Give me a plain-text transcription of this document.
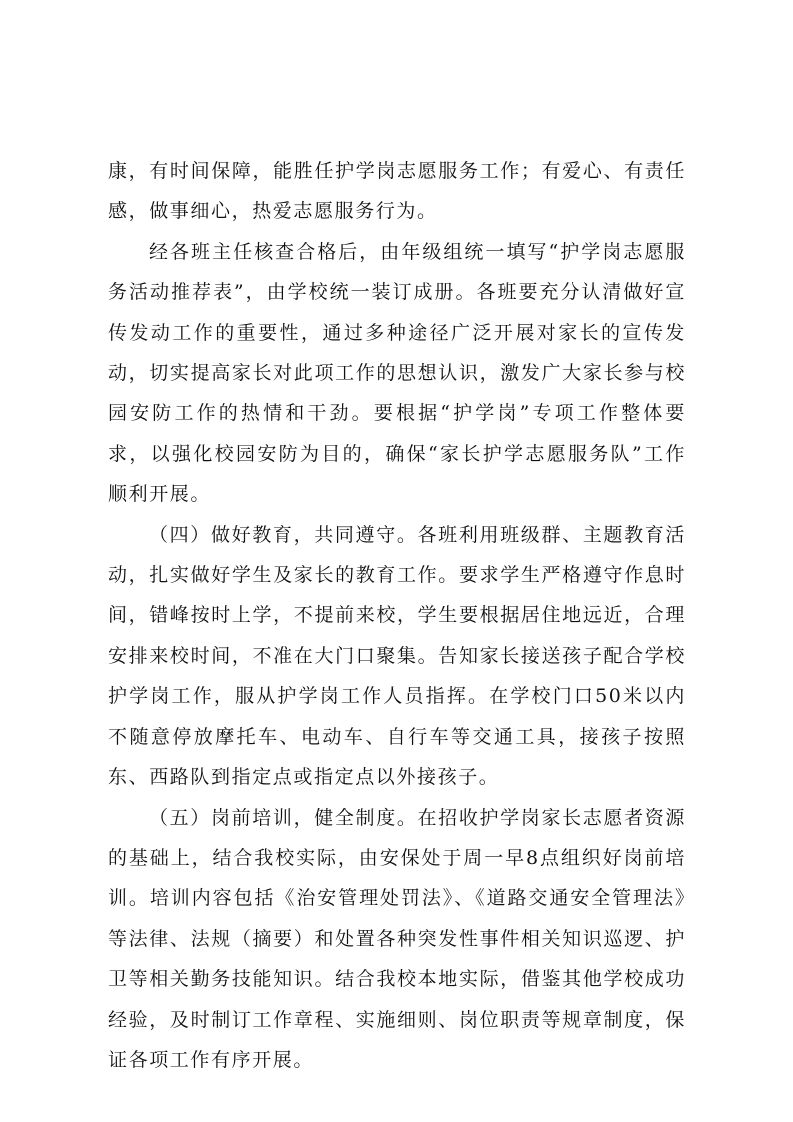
康，有时间保障，能胜任护学岗志愿服务工作；有爱心、有责任感，做事细心，热爱志愿服务行为。

经各班主任核查合格后，由年级组统一填写“护学岗志愿服务活动推荐表”，由学校统一装订成册。各班要充分认清做好宣传发动工作的重要性，通过多种途径广泛开展对家长的宣传发动，切实提高家长对此项工作的思想认识，激发广大家长参与校园安防工作的热情和干劲。要根据“护学岗”专项工作整体要求，以强化校园安防为目的，确保“家长护学志愿服务队”工作顺利开展。

（四）做好教育，共同遵守。各班利用班级群、主题教育活动，扎实做好学生及家长的教育工作。要求学生严格遵守作息时间，错峰按时上学，不提前来校，学生要根据居住地远近，合理安排来校时间，不准在大门口聚集。告知家长接送孩子配合学校护学岗工作，服从护学岗工作人员指挥。在学校门口50米以内不随意停放摩托车、电动车、自行车等交通工具，接孩子按照东、西路队到指定点或指定点以外接孩子。

（五）岗前培训，健全制度。在招收护学岗家长志愿者资源的基础上，结合我校实际，由安保处于周一早8点组织好岗前培训。培训内容包括《治安管理处罚法》、《道路交通安全管理法》等法律、法规（摘要）和处置各种突发性事件相关知识巡逻、护卫等相关勤务技能知识。结合我校本地实际，借鉴其他学校成功经验，及时制订工作章程、实施细则、岗位职责等规章制度，保证各项工作有序开展。
